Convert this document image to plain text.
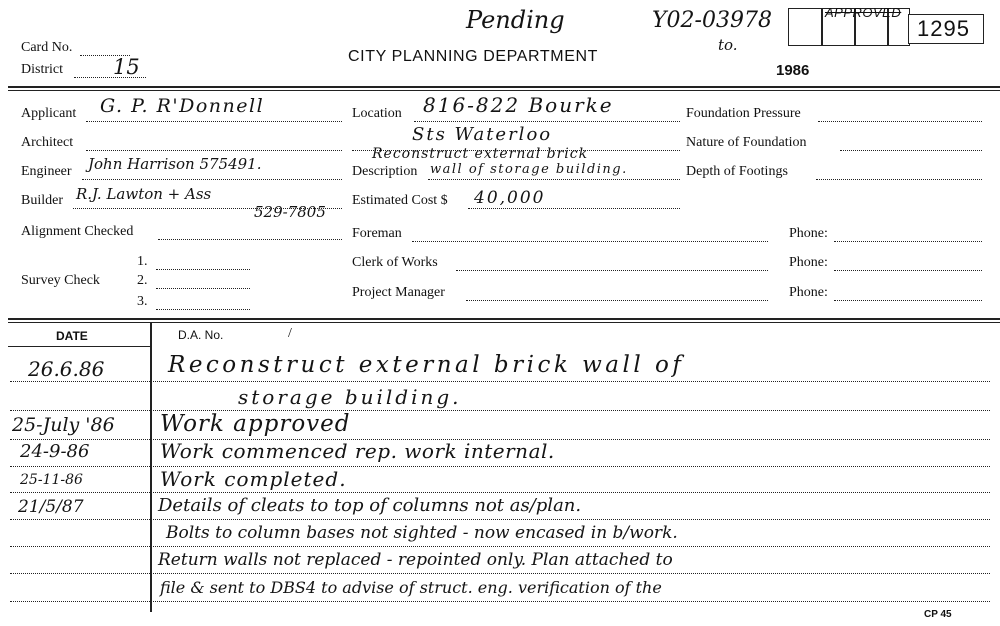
Card No.
District 15	CITY PLANNING DEPARTMENT
Pending	Y02-03978
to.
1295
APPROVED
1986
Applicant G. P. R'Donnell
Architect
Engineer John Harrison 575491.
Builder R.J. Lawton + Ass
529-7805
Alignment Checked
Survey Check
1.
2.
3.
Location 816-822 Bourke
Sts Waterloo
Reconstruct external brick
Description wall of storage building.
Estimated Cost $ 40,000
Foreman	Phone:
Clerk of Works	Phone:
Project Manager	Phone:
Foundation Pressure
Nature of Foundation
Depth of Footings
DATE	D.A. No.	/
26.6.86	Reconstruct external brick wall of
storage building.
25-July '86 Work approved
24-9-86	Work commenced rep. work internal.
25-11-86	Work completed.
21/5/87	Details of cleats to top of columns not as/plan.
Bolts to column bases not sighted - now encased in b/work.
Return walls not replaced - repointed only. Plan attached to
file & sent to DBS4 to advise of struct. eng. verification of the
CP 45
